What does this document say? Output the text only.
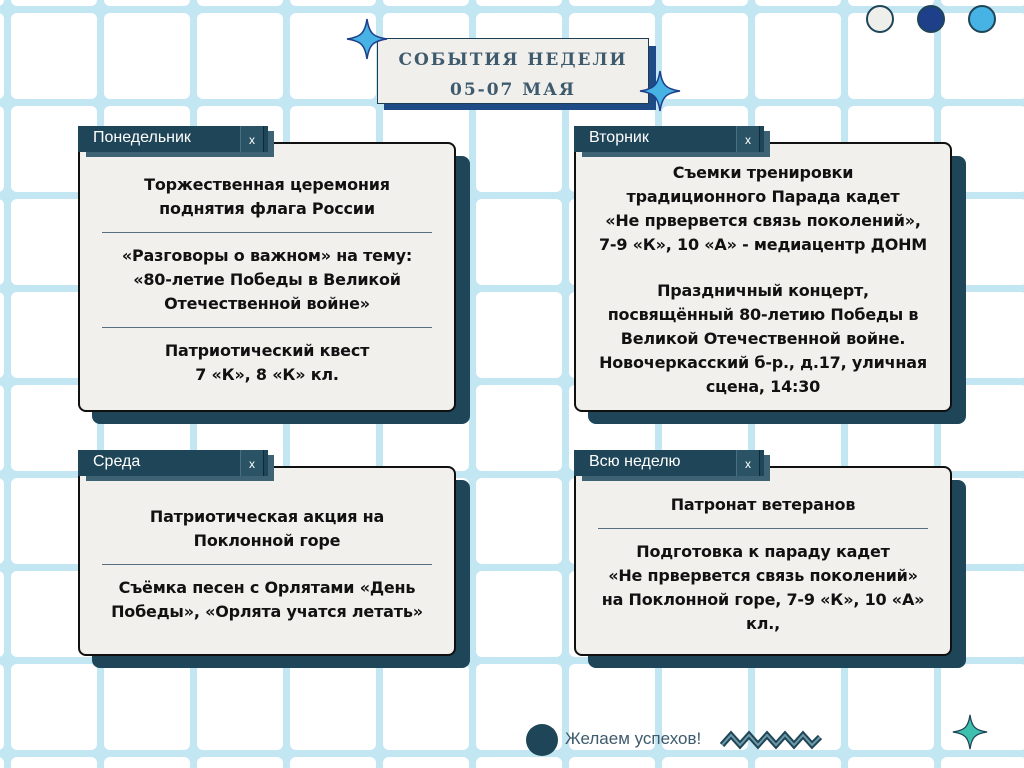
СОБЫТИЯ НЕДЕЛИ
05-07 МАЯ
Торжественная церемония
поднятия флага России
«Разговоры о важном» на тему:
«80-летие Победы в Великой
Отечественной войне»
Патриотический квест
7 «К», 8 «К» кл.
Понедельник	x
Съемки тренировки
традиционного Парада кадет
«Не првервется связь поколений»,
7-9 «К», 10 «А» - медиацентр ДОНМ
Праздничный концерт,
посвящённый 80-летию Победы в
Великой Отечественной войне.
Новочеркасский б-р., д.17, уличная
сцена, 14:30
Вторник	x
Патриотическая акция на
Поклонной горе
Съёмка песен с Орлятами «День
Победы», «Орлята учатся летать»
Среда	x
Патронат ветеранов
Подготовка к параду кадет
«Не првервется связь поколений»
на Поклонной горе, 7-9 «К», 10 «А» кл.,
Всю неделю	x
Желаем успехов!
